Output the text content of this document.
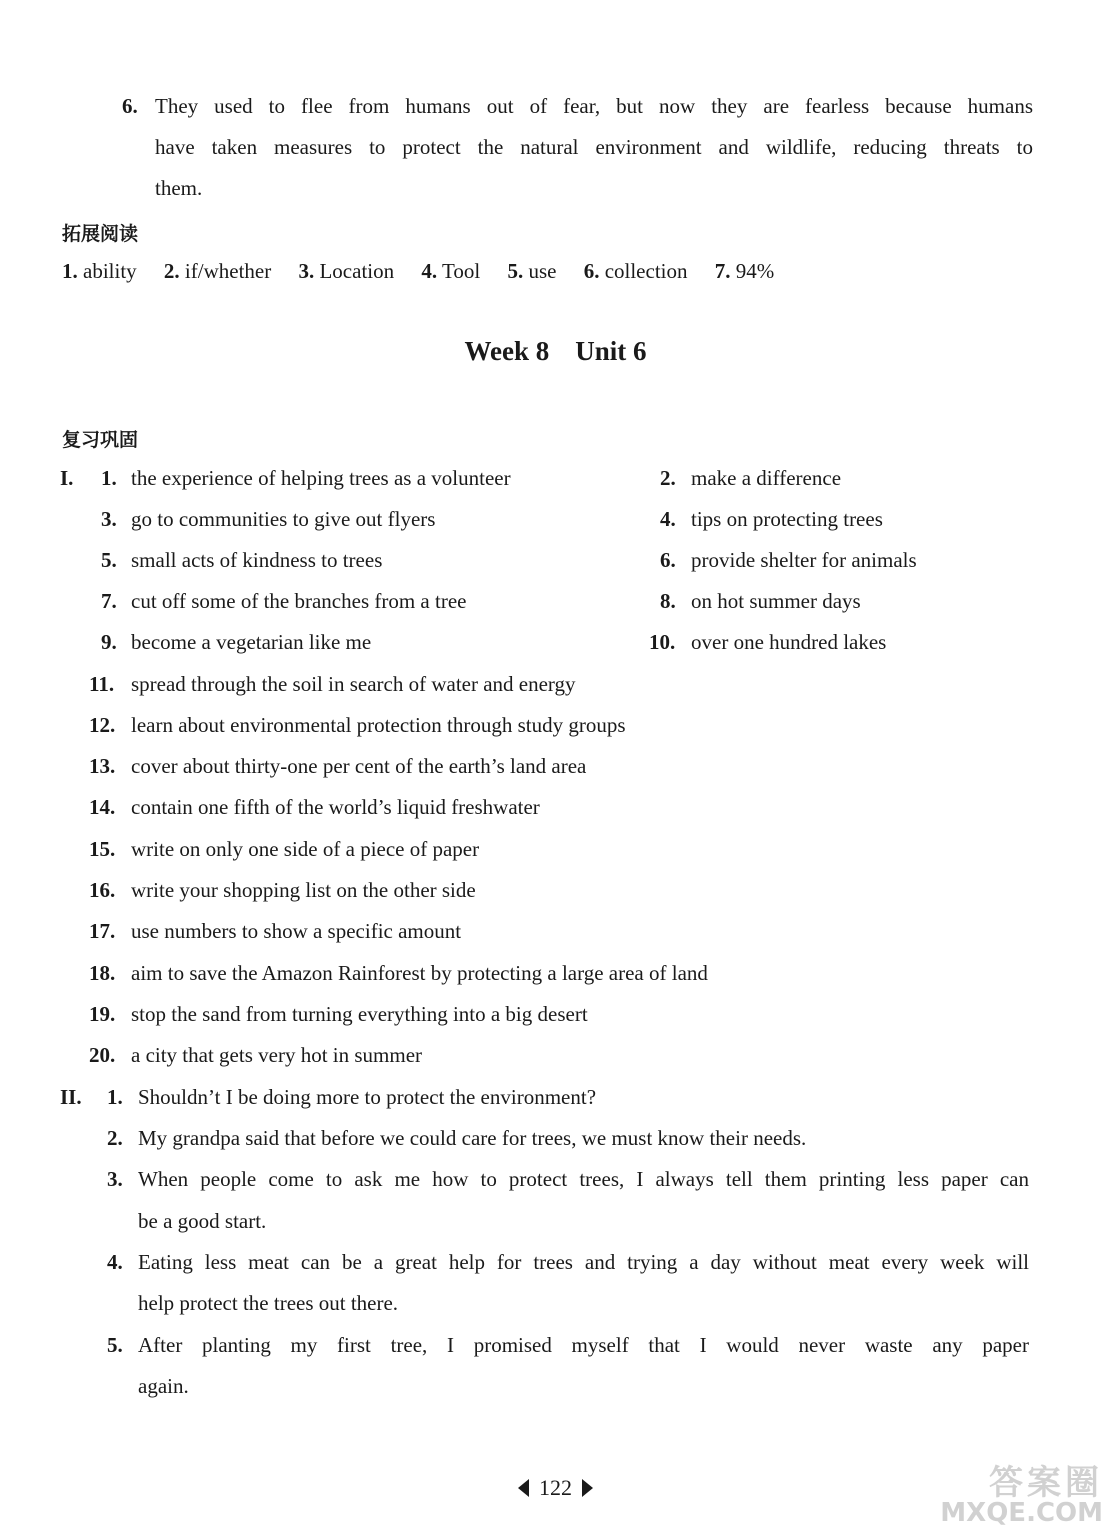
6. They used to flee from humans out of fear, but now they are fearless because humans
have taken measures to protect the natural environment and wildlife, reducing threats to
them.
拓展阅读
1. ability 2. if/whether 3. Location 4. Tool 5. use 6. collection 7. 94%
Week 8 Unit 6
复习巩固
I. 1. the experience of helping trees as a volunteer	2. make a difference
3. go to communities to give out flyers	4. tips on protecting trees
5. small acts of kindness to trees	6. provide shelter for animals
7. cut off some of the branches from a tree	8. on hot summer days
9. become a vegetarian like me	10. over one hundred lakes
11. spread through the soil in search of water and energy
12. learn about environmental protection through study groups
13. cover about thirty-one per cent of the earth’s land area
14. contain one fifth of the world’s liquid freshwater
15. write on only one side of a piece of paper
16. write your shopping list on the other side
17. use numbers to show a specific amount
18. aim to save the Amazon Rainforest by protecting a large area of land
19. stop the sand from turning everything into a big desert
20. a city that gets very hot in summer
II. 1. Shouldn’t I be doing more to protect the environment?
2. My grandpa said that before we could care for trees, we must know their needs.
3. When people come to ask me how to protect trees, I always tell them printing less paper can
be a good start.
4. Eating less meat can be a great help for trees and trying a day without meat every week will
help protect the trees out there.
5. After planting my first tree, I promised myself that I would never waste any paper
again.
122	答案圈
MXQE.COM
